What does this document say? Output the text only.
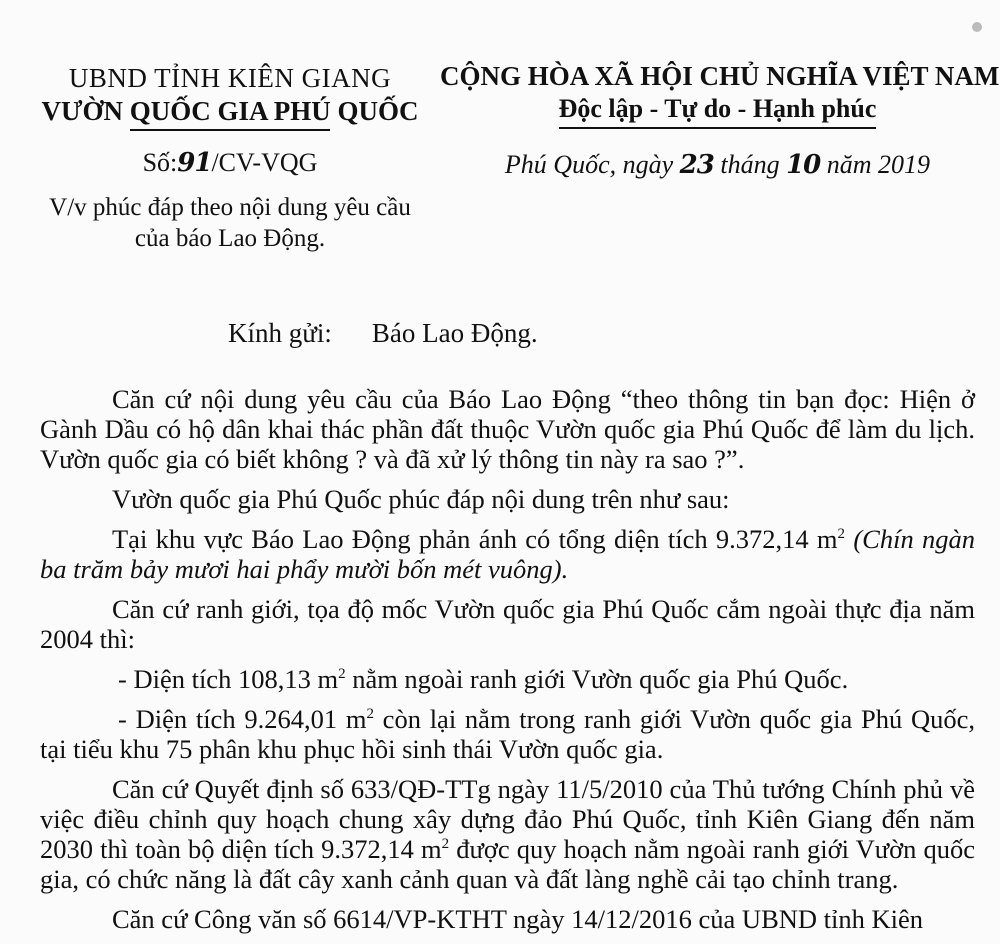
UBND TỈNH KIÊN GIANG
VƯỜN QUỐC GIA PHÚ QUỐC
CỘNG HÒA XÃ HỘI CHỦ NGHĨA VIỆT NAM
Độc lập - Tự do - Hạnh phúc
Số:91/CV-VQG	Phú Quốc, ngày 23 tháng 10 năm 2019
V/v phúc đáp theo nội dung yêu cầu
của báo Lao Động.
Kính gửi: Báo Lao Động.

Căn cứ nội dung yêu cầu của Báo Lao Động “theo thông tin bạn đọc: Hiện ở Gành Dầu có hộ dân khai thác phần đất thuộc Vườn quốc gia Phú Quốc để làm du lịch. Vườn quốc gia có biết không ? và đã xử lý thông tin này ra sao ?”.

Vườn quốc gia Phú Quốc phúc đáp nội dung trên như sau:

Tại khu vực Báo Lao Động phản ánh có tổng diện tích 9.372,14 $m^2$ (Chín ngàn ba trăm bảy mươi hai phẩy mười bốn mét vuông).

Căn cứ ranh giới, tọa độ mốc Vườn quốc gia Phú Quốc cắm ngoài thực địa năm 2004 thì:

- Diện tích 108,13 $m^2$ nằm ngoài ranh giới Vườn quốc gia Phú Quốc.

- Diện tích 9.264,01 $m^2$ còn lại nằm trong ranh giới Vườn quốc gia Phú Quốc, tại tiểu khu 75 phân khu phục hồi sinh thái Vườn quốc gia.

Căn cứ Quyết định số 633/QĐ-TTg ngày 11/5/2010 của Thủ tướng Chính phủ về việc điều chỉnh quy hoạch chung xây dựng đảo Phú Quốc, tỉnh Kiên Giang đến năm 2030 thì toàn bộ diện tích 9.372,14 $m^2$ được quy hoạch nằm ngoài ranh giới Vườn quốc gia, có chức năng là đất cây xanh cảnh quan và đất làng nghề cải tạo chỉnh trang.

Căn cứ Công văn số 6614/VP-KTHT ngày 14/12/2016 của UBND tỉnh Kiên
